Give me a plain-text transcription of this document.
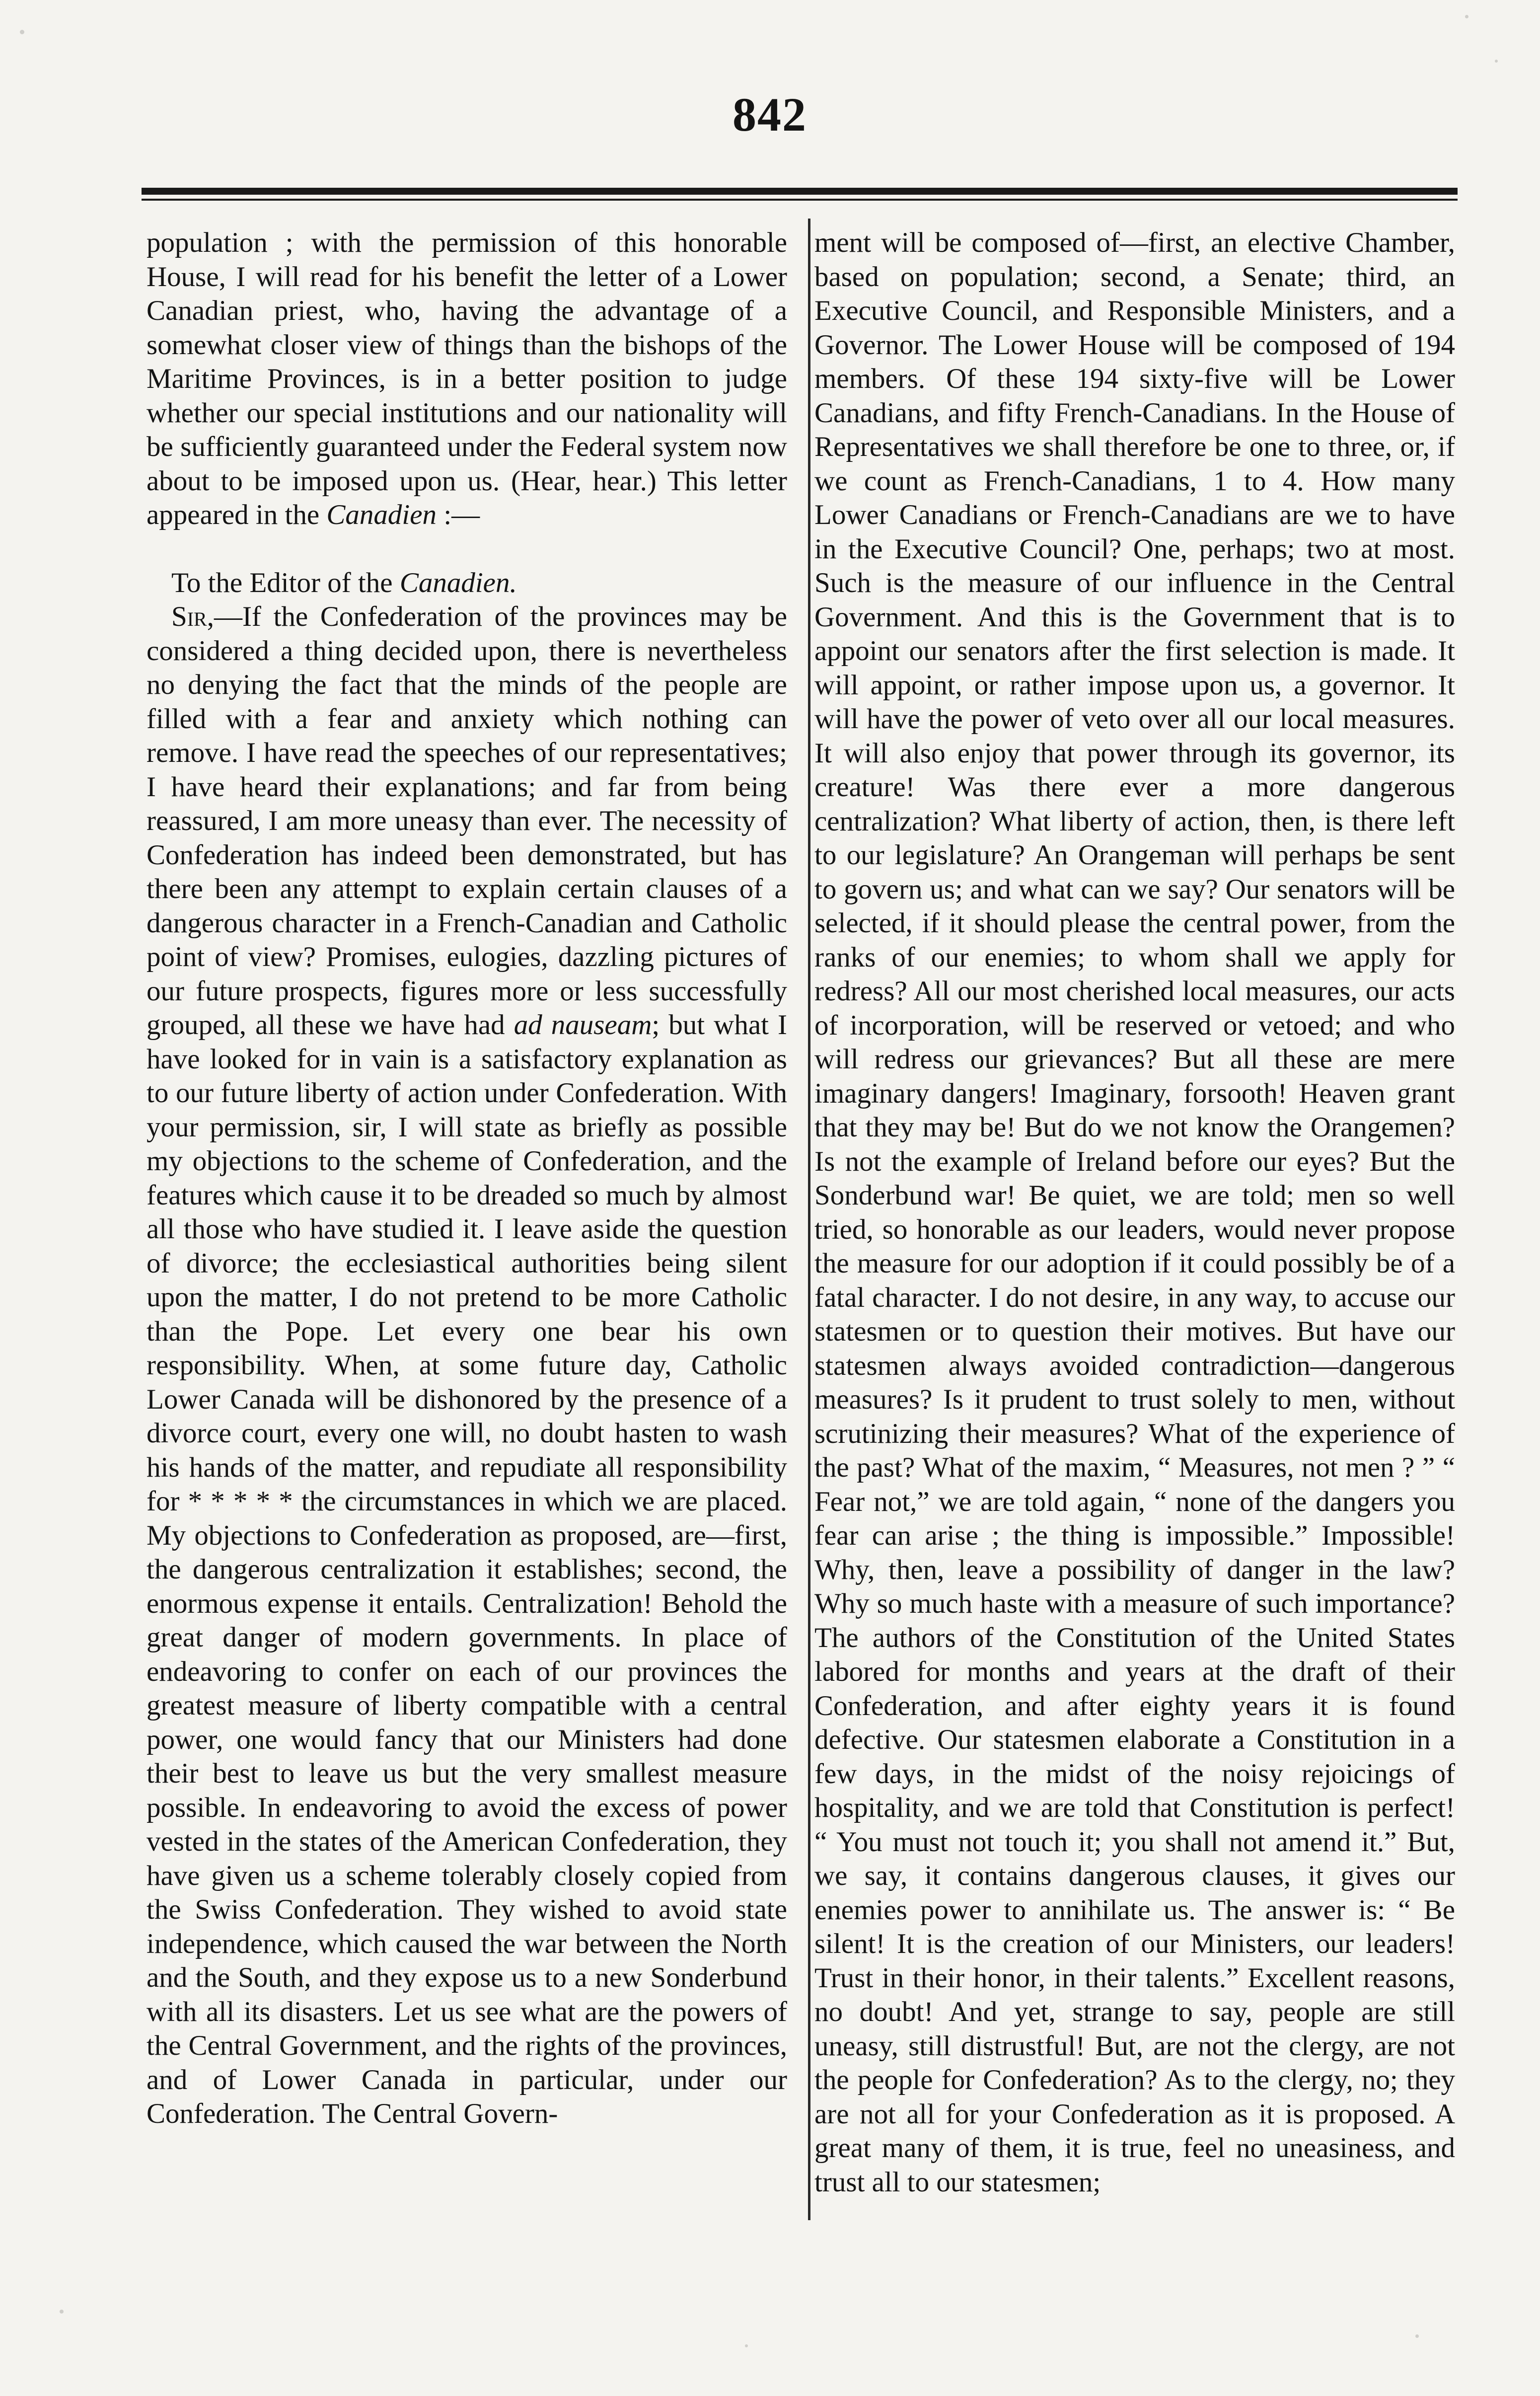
842

population ; with the permission of this honorable House, I will read for his benefit the letter of a Lower Canadian priest, who, having the advantage of a somewhat closer view of things than the bishops of the Maritime Provinces, is in a better position to judge whether our special institutions and our nationality will be sufficiently guaranteed under the Federal system now about to be imposed upon us. (Hear, hear.) This letter appeared in the Canadien :—

To the Editor of the Canadien.

Sir,—If the Confederation of the provinces may be considered a thing decided upon, there is nevertheless no denying the fact that the minds of the people are filled with a fear and anxiety which nothing can remove. I have read the speeches of our representatives; I have heard their explanations; and far from being reassured, I am more uneasy than ever. The necessity of Confederation has indeed been demonstrated, but has there been any attempt to explain certain clauses of a dangerous character in a French-Canadian and Catholic point of view? Promises, eulogies, dazzling pictures of our future prospects, figures more or less successfully grouped, all these we have had ad nauseam; but what I have looked for in vain is a satisfactory explanation as to our future liberty of action under Confederation. With your permission, sir, I will state as briefly as possible my objections to the scheme of Confederation, and the features which cause it to be dreaded so much by almost all those who have studied it. I leave aside the question of divorce; the ecclesiastical authorities being silent upon the matter, I do not pretend to be more Catholic than the Pope. Let every one bear his own responsibility. When, at some future day, Catholic Lower Canada will be dishonored by the presence of a divorce court, every one will, no doubt hasten to wash his hands of the matter, and repudiate all responsibility for * * * * * the circumstances in which we are placed. My objections to Confederation as proposed, are—first, the dangerous centralization it establishes; second, the enormous expense it entails. Centralization! Behold the great danger of modern governments. In place of endeavoring to confer on each of our provinces the greatest measure of liberty compatible with a central power, one would fancy that our Ministers had done their best to leave us but the very smallest measure possible. In endeavoring to avoid the excess of power vested in the states of the American Confederation, they have given us a scheme tolerably closely copied from the Swiss Confederation. They wished to avoid state independence, which caused the war between the North and the South, and they expose us to a new Sonderbund with all its disasters. Let us see what are the powers of the Central Government, and the rights of the provinces, and of Lower Canada in particular, under our Confederation. The Central Govern-

ment will be composed of—first, an elective Chamber, based on population; second, a Senate; third, an Executive Council, and Responsible Ministers, and a Governor. The Lower House will be composed of 194 members. Of these 194 sixty-five will be Lower Canadians, and fifty French-Canadians. In the House of Representatives we shall therefore be one to three, or, if we count as French-Canadians, 1 to 4. How many Lower Canadians or French-Canadians are we to have in the Executive Council? One, perhaps; two at most. Such is the measure of our influence in the Central Government. And this is the Government that is to appoint our senators after the first selection is made. It will appoint, or rather impose upon us, a governor. It will have the power of veto over all our local measures. It will also enjoy that power through its governor, its creature! Was there ever a more dangerous centralization? What liberty of action, then, is there left to our legislature? An Orangeman will perhaps be sent to govern us; and what can we say? Our senators will be selected, if it should please the central power, from the ranks of our enemies; to whom shall we apply for redress? All our most cherished local measures, our acts of incorporation, will be reserved or vetoed; and who will redress our grievances? But all these are mere imaginary dangers! Imaginary, forsooth! Heaven grant that they may be! But do we not know the Orangemen? Is not the example of Ireland before our eyes? But the Sonderbund war! Be quiet, we are told; men so well tried, so honorable as our leaders, would never propose the measure for our adoption if it could possibly be of a fatal character. I do not desire, in any way, to accuse our statesmen or to question their motives. But have our statesmen always avoided contradiction—dangerous measures? Is it prudent to trust solely to men, without scrutinizing their measures? What of the experience of the past? What of the maxim, “ Measures, not men ? ” “ Fear not,” we are told again, “ none of the dangers you fear can arise ; the thing is impossible.” Impossible! Why, then, leave a possibility of danger in the law? Why so much haste with a measure of such importance? The authors of the Constitution of the United States labored for months and years at the draft of their Confederation, and after eighty years it is found defective. Our statesmen elaborate a Constitution in a few days, in the midst of the noisy rejoicings of hospitality, and we are told that Constitution is perfect! “ You must not touch it; you shall not amend it.” But, we say, it contains dangerous clauses, it gives our enemies power to annihilate us. The answer is: “ Be silent! It is the creation of our Ministers, our leaders! Trust in their honor, in their talents.” Excellent reasons, no doubt! And yet, strange to say, people are still uneasy, still distrustful! But, are not the clergy, are not the people for Confederation? As to the clergy, no; they are not all for your Confederation as it is proposed. A great many of them, it is true, feel no uneasiness, and trust all to our statesmen;
